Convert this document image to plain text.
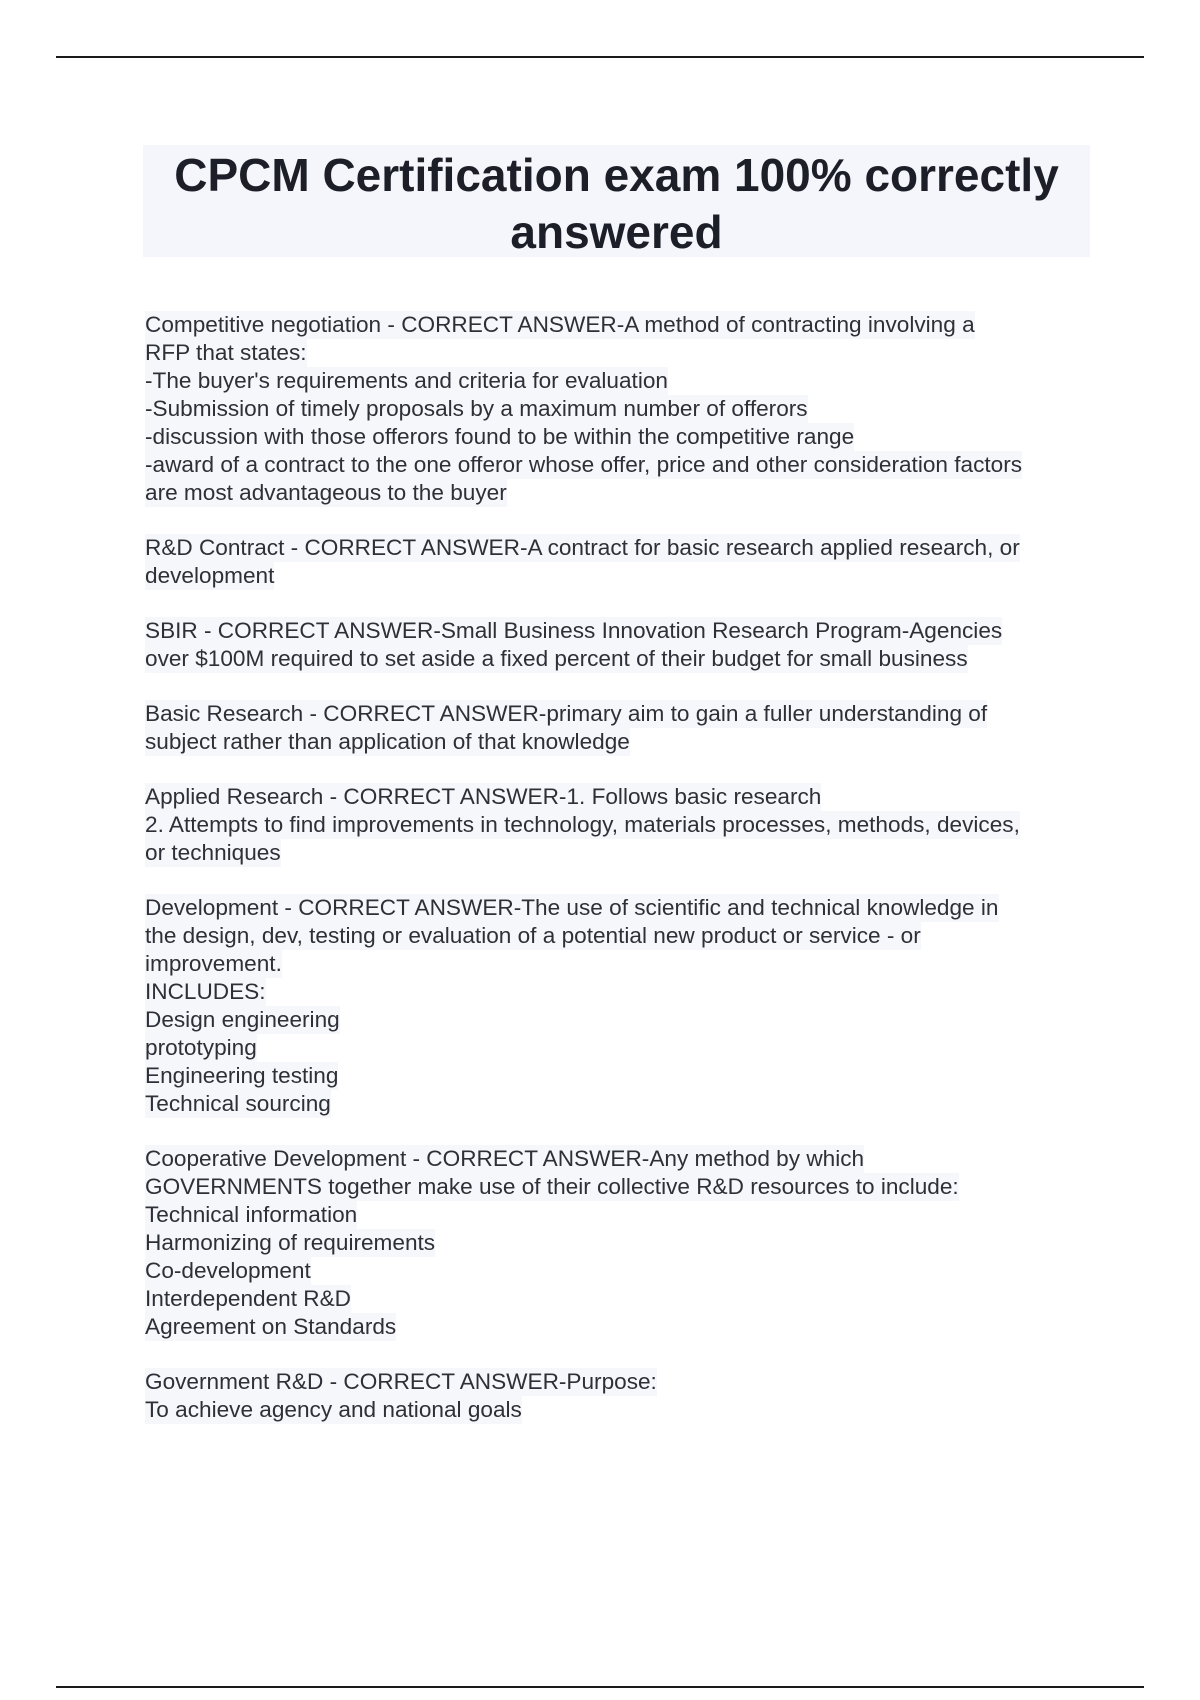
CPCM Certification exam 100% correctly
answered
Competitive negotiation - CORRECT ANSWER-A method of contracting involving a
RFP that states:
-The buyer's requirements and criteria for evaluation
-Submission of timely proposals by a maximum number of offerors
-discussion with those offerors found to be within the competitive range
-award of a contract to the one offeror whose offer, price and other consideration factors
are most advantageous to the buyer
R&D Contract - CORRECT ANSWER-A contract for basic research applied research, or
development
SBIR - CORRECT ANSWER-Small Business Innovation Research Program-Agencies
over $100M required to set aside a fixed percent of their budget for small business
Basic Research - CORRECT ANSWER-primary aim to gain a fuller understanding of
subject rather than application of that knowledge
Applied Research - CORRECT ANSWER-1. Follows basic research
2. Attempts to find improvements in technology, materials processes, methods, devices,
or techniques
Development - CORRECT ANSWER-The use of scientific and technical knowledge in
the design, dev, testing or evaluation of a potential new product or service - or
improvement.
INCLUDES:
Design engineering
prototyping
Engineering testing
Technical sourcing
Cooperative Development - CORRECT ANSWER-Any method by which
GOVERNMENTS together make use of their collective R&D resources to include:
Technical information
Harmonizing of requirements
Co-development
Interdependent R&D
Agreement on Standards
Government R&D - CORRECT ANSWER-Purpose:
To achieve agency and national goals
